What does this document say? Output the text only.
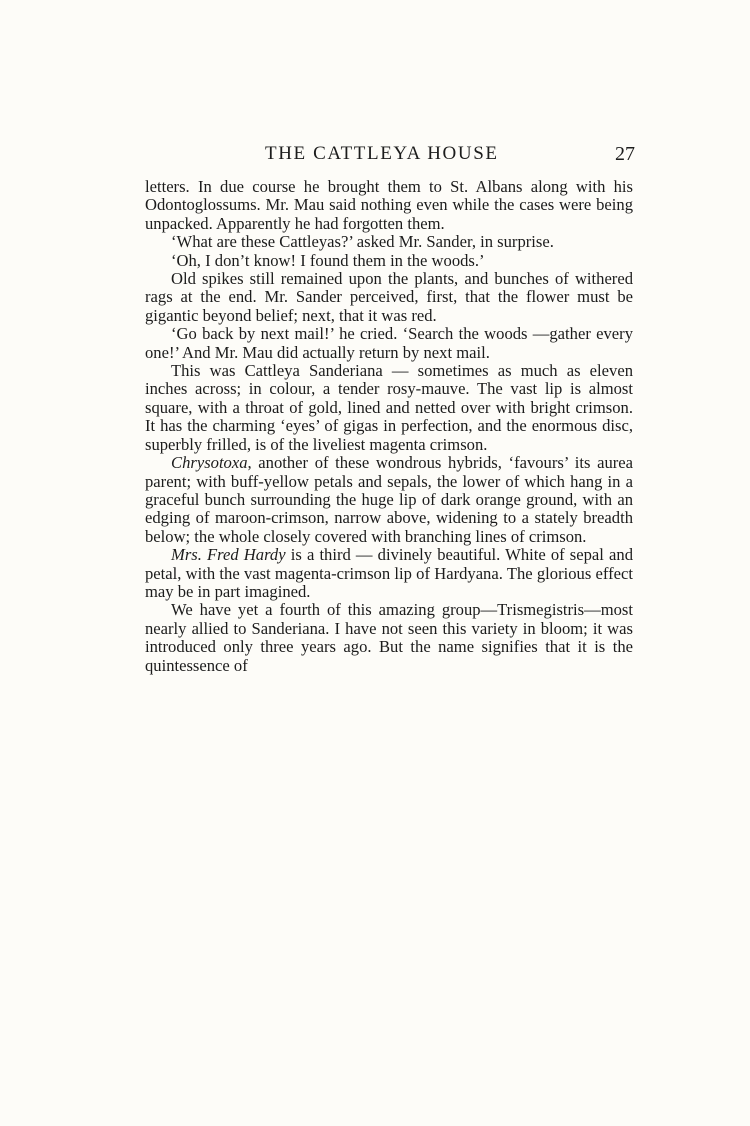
THE CATTLEYA HOUSE	27

letters. In due course he brought them to St. Albans along with his Odontoglossums. Mr. Mau said nothing even while the cases were being unpacked. Apparently he had forgotten them.

‘What are these Cattleyas?’ asked Mr. Sander, in surprise.

‘Oh, I don’t know! I found them in the woods.’

Old spikes still remained upon the plants, and bunches of withered rags at the end. Mr. Sander perceived, first, that the flower must be gigantic beyond belief; next, that it was red.

‘Go back by next mail!’ he cried. ‘Search the woods —gather every one!’ And Mr. Mau did actually return by next mail.

This was Cattleya Sanderiana — sometimes as much as eleven inches across; in colour, a tender rosy-mauve. The vast lip is almost square, with a throat of gold, lined and netted over with bright crimson. It has the charming ‘eyes’ of gigas in perfection, and the enormous disc, superbly frilled, is of the liveliest magenta crimson.

Chrysotoxa, another of these wondrous hybrids, ‘favours’ its aurea parent; with buff-yellow petals and sepals, the lower of which hang in a graceful bunch surrounding the huge lip of dark orange ground, with an edging of maroon-crimson, narrow above, widening to a stately breadth below; the whole closely covered with branching lines of crimson.

Mrs. Fred Hardy is a third — divinely beautiful. White of sepal and petal, with the vast magenta-crimson lip of Hardyana. The glorious effect may be in part imagined.

We have yet a fourth of this amazing group—Trismegistris—most nearly allied to Sanderiana. I have not seen this variety in bloom; it was introduced only three years ago. But the name signifies that it is the quintessence of
